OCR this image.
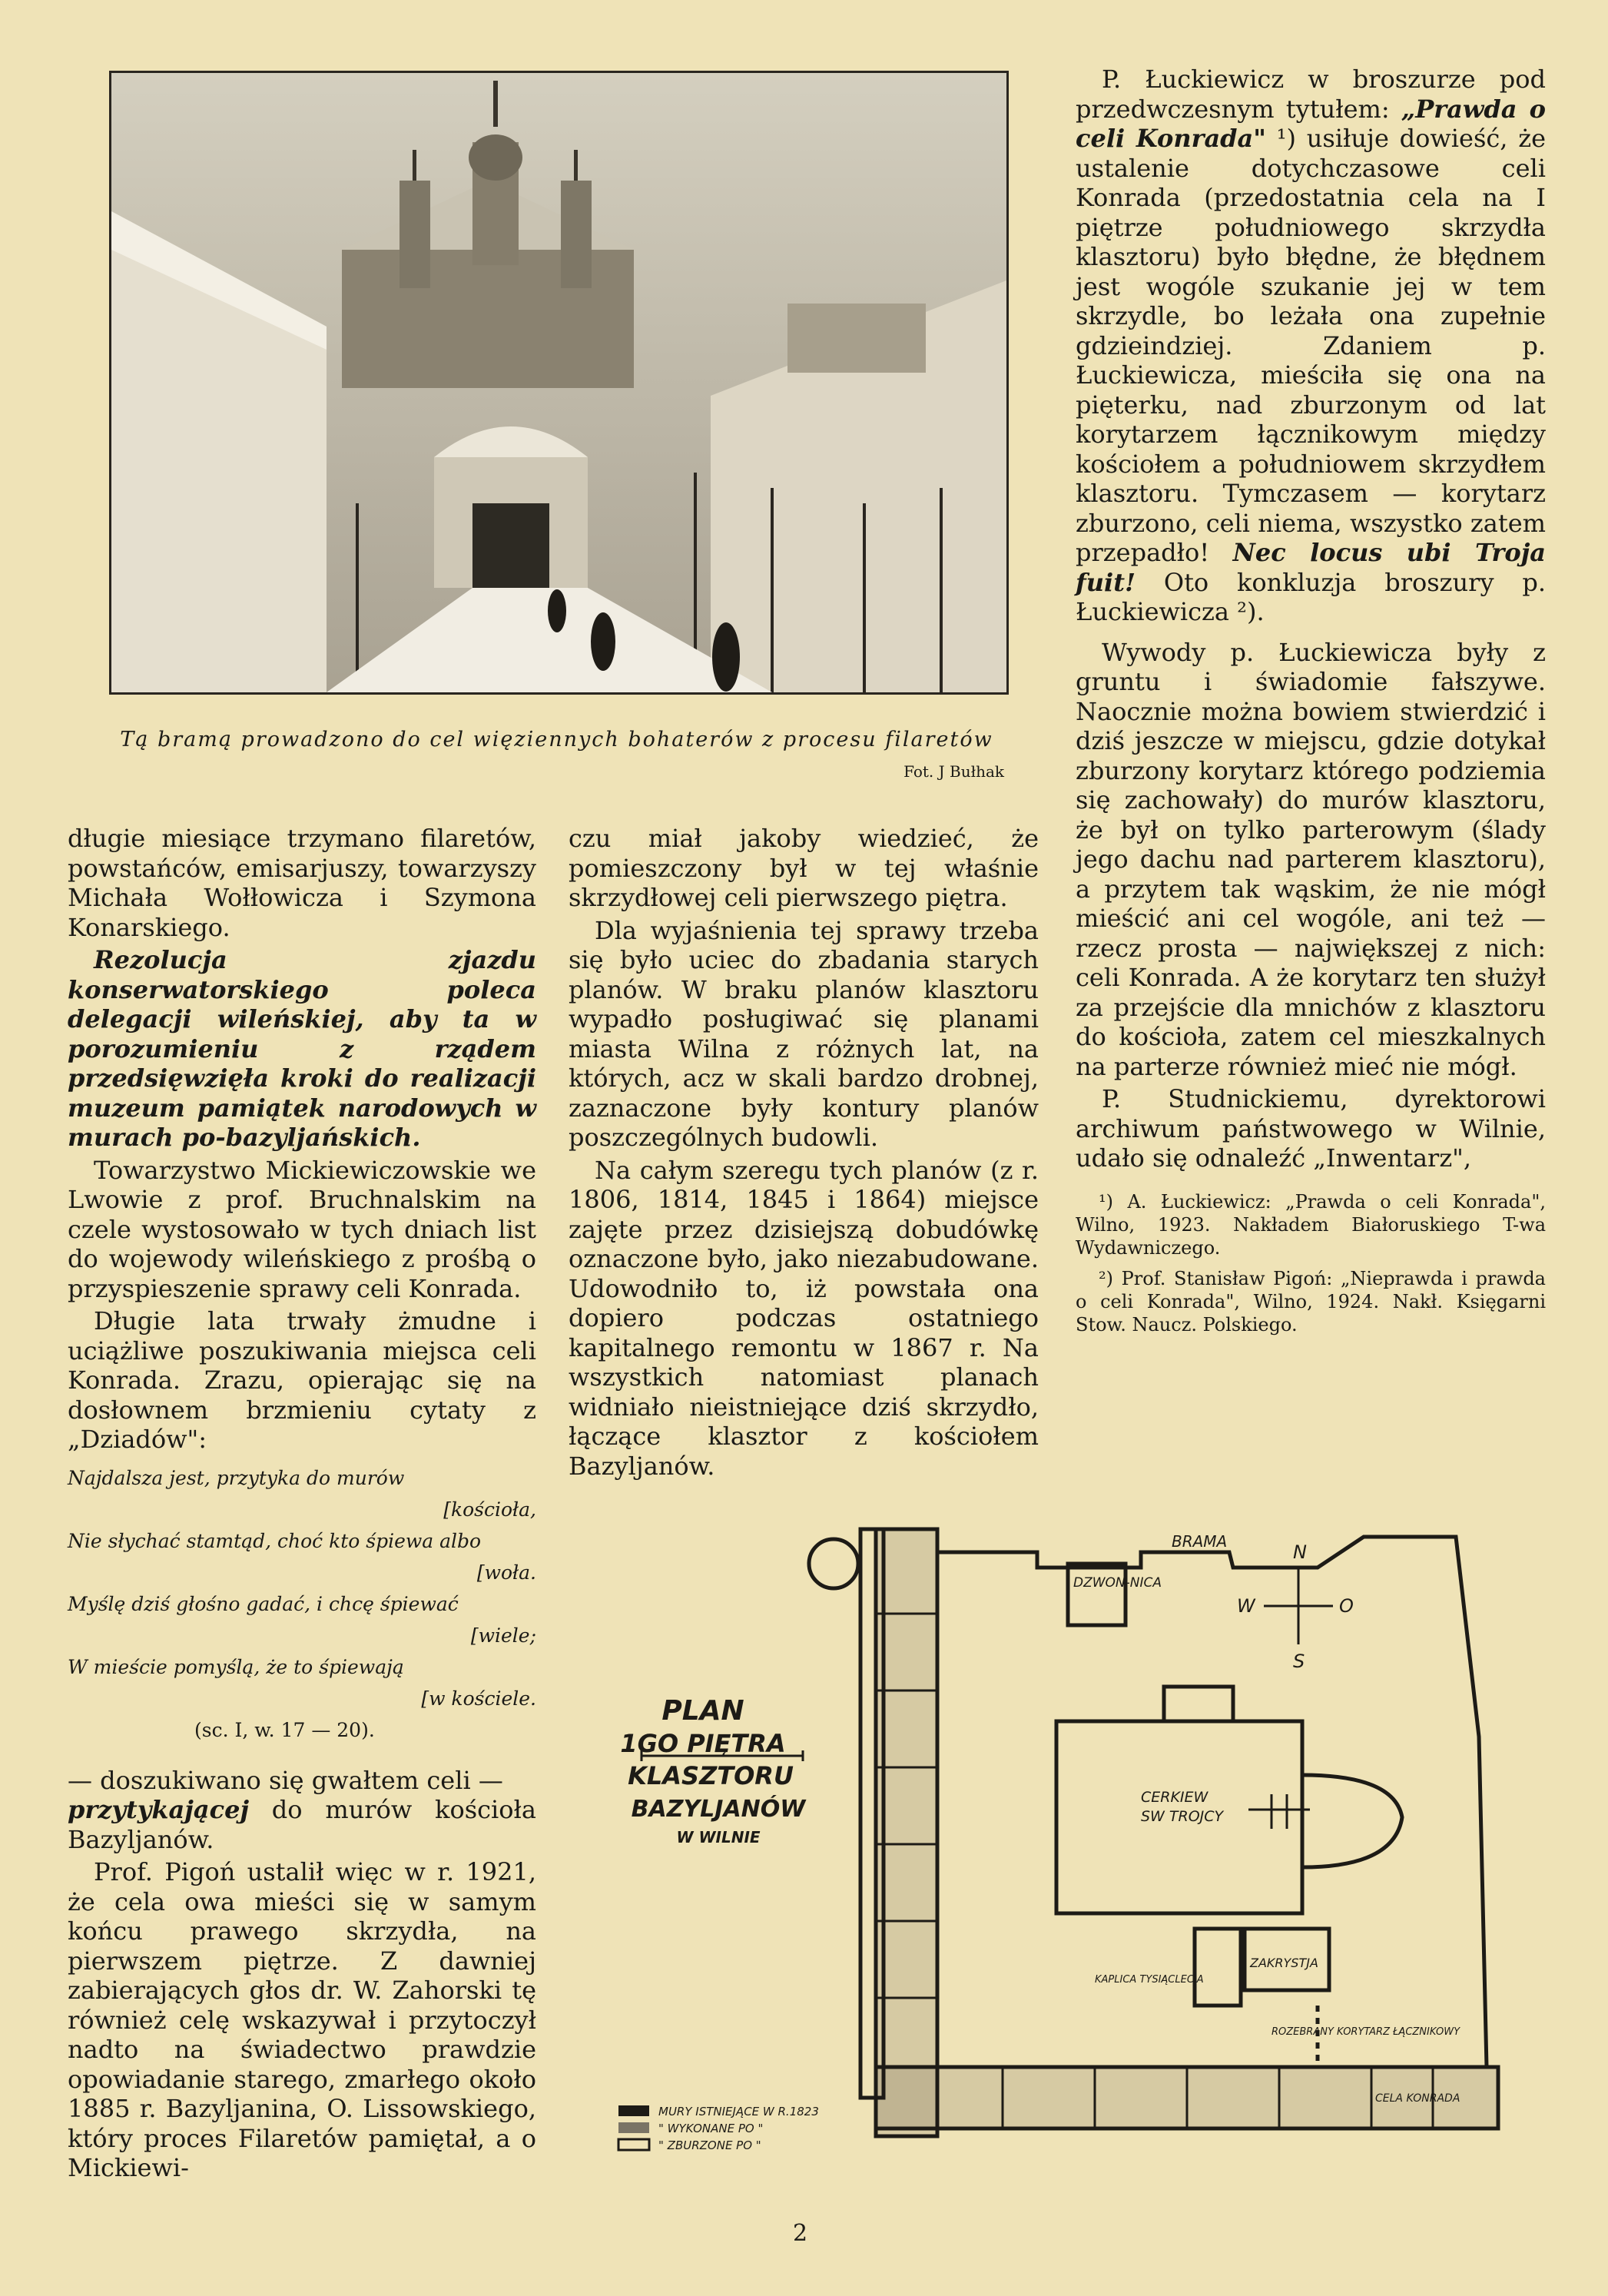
Tą bramą prowadzono do cel więziennych bohaterów z procesu filaretów
Fot. J Bułhak

długie miesiące trzymano filaretów, powstańców, emisarjuszy, towarzyszy Michała Wołłowicza i Szymona Konarskiego.

Rezolucja zjazdu konserwatorskiego poleca delegacji wileńskiej, aby ta w porozumieniu z rządem przedsięwzięła kroki do realizacji muzeum pamiątek narodowych w murach po-bazyljańskich.

Towarzystwo Mickiewiczowskie we Lwowie z prof. Bruchnalskim na czele wystosowało w tych dniach list do wojewody wileńskiego z prośbą o przyspieszenie sprawy celi Konrada.

Długie lata trwały żmudne i uciążliwe poszukiwania miejsca celi Konrada. Zrazu, opierając się na dosłownem brzmieniu cytaty z „Dziadów":

Najdalsza jest, przytyka do murów
[kościoła,
Nie słychać stamtąd, choć kto śpiewa albo
[woła.
Myślę dziś głośno gadać, i chcę śpiewać
[wiele;
W mieście pomyślą, że to śpiewają
[w kościele.
(sc. I, w. 17 — 20).

— doszukiwano się gwałtem celi —
przytykającej do murów kościoła Bazyljanów.

Prof. Pigoń ustalił więc w r. 1921, że cela owa mieści się w samym końcu prawego skrzydła, na pierwszem piętrze. Z dawniej zabierających głos dr. W. Zahorski tę również celę wskazywał i przytoczył nadto na świadectwo prawdzie opowiadanie starego, zmarłego około 1885 r. Bazyljanina, O. Lissowskiego, który proces Filaretów pamiętał, a o Mickiewi-

czu miał jakoby wiedzieć, że pomieszczony był w tej właśnie skrzydłowej celi pierwszego piętra.

Dla wyjaśnienia tej sprawy trzeba się było uciec do zbadania starych planów. W braku planów klasztoru wypadło posługiwać się planami miasta Wilna z różnych lat, na których, acz w skali bardzo drobnej, zaznaczone były kontury planów poszczególnych budowli.

Na całym szeregu tych planów (z r. 1806, 1814, 1845 i 1864) miejsce zajęte przez dzisiejszą dobudówkę oznaczone było, jako niezabudowane. Udowodniło to, iż powstała ona dopiero podczas ostatniego kapitalnego remontu w 1867 r. Na wszystkich natomiast planach widniało nieistniejące dziś skrzydło, łączące klasztor z kościołem Bazyljanów.

P. Łuckiewicz w broszurze pod przedwczesnym tytułem: „Prawda o celi Konrada" ¹) usiłuje dowieść, że ustalenie dotychczasowe celi Konrada (przedostatnia cela na I piętrze południowego skrzydła klasztoru) było błędne, że błędnem jest wogóle szukanie jej w tem skrzydle, bo leżała ona zupełnie gdzieindziej. Zdaniem p. Łuckiewicza, mieściła się ona na pięterku, nad zburzonym od lat korytarzem łącznikowym między kościołem a południowem skrzydłem klasztoru. Tymczasem — korytarz zburzono, celi niema, wszystko zatem przepadło! Nec locus ubi Troja fuit! Oto konkluzja broszury p. Łuckiewicza ²).

Wywody p. Łuckiewicza były z gruntu i świadomie fałszywe. Naocznie można bowiem stwierdzić i dziś jeszcze w miejscu, gdzie dotykał zburzony korytarz którego podziemia się zachowały) do murów klasztoru, że był on tylko parterowym (ślady jego dachu nad parterem klasztoru), a przytem tak wąskim, że nie mógł mieścić ani cel wogóle, ani też — rzecz prosta — największej z nich: celi Konrada. A że korytarz ten służył za przejście dla mnichów z klasztoru do kościoła, zatem cel mieszkalnych na parterze również mieć nie mógł.

P. Studnickiemu, dyrektorowi archiwum państwowego w Wilnie, udało się odnaleźć „Inwentarz",

¹) A. Łuckiewicz: „Prawda o celi Konrada", Wilno, 1923. Nakładem Białoruskiego T-wa Wydawniczego.

²) Prof. Stanisław Pigoń: „Nieprawda i prawda o celi Konrada", Wilno, 1924. Nakł. Księgarni Stow. Naucz. Polskiego.

PLAN
1GO PIĘTRA
KLASZTORU
BAZYLJANÓW
W WILNIE
DZWON-NICA
BRAMA	N
W	O
S
CERKIEW
SW TROJCY
KAPLICA TYSIĄCLECIA
ZAKRYSTJA
ROZEBRANY KORYTARZ ŁĄCZNIKOWY
CELA KONRADA
MURY ISTNIEJĄCE W R.1823
" WYKONANE PO "
" ZBURZONE PO "
2
